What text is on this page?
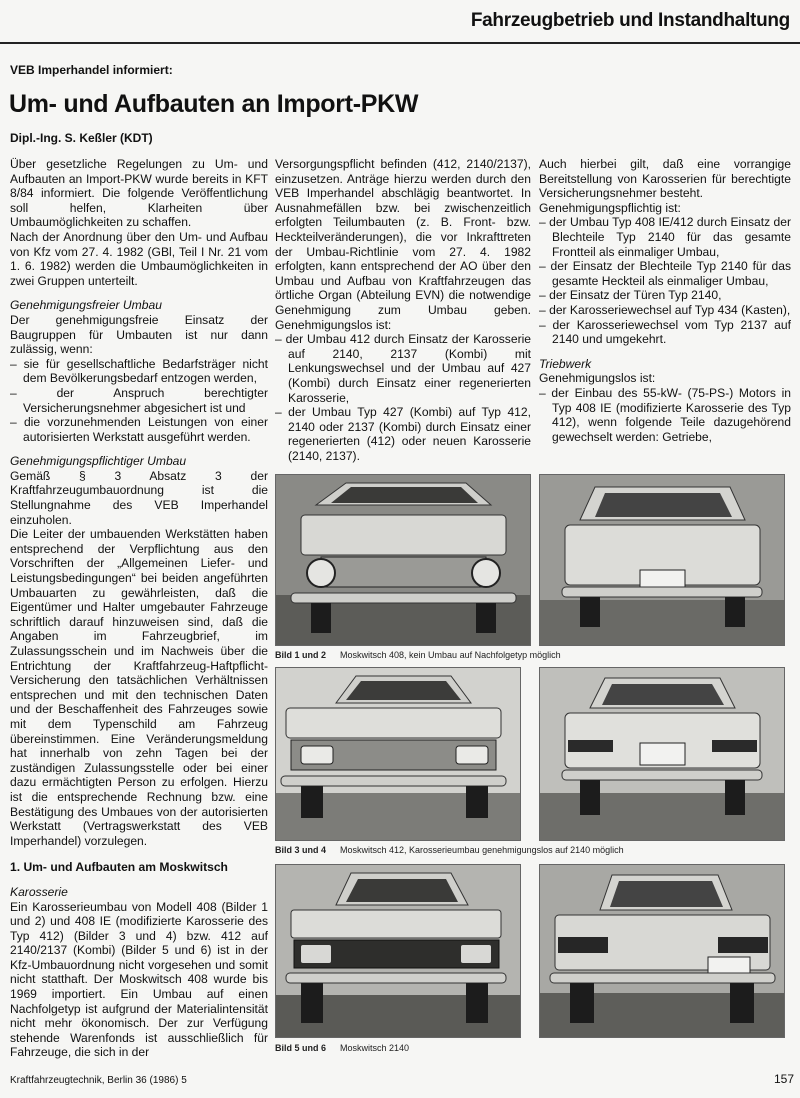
Fahrzeugbetrieb und Instandhaltung
VEB Imperhandel informiert:
Um- und Aufbauten an Import-PKW
Dipl.-Ing. S. Keßler (KDT)

Über gesetzliche Regelungen zu Um- und Aufbauten an Import-PKW wurde bereits in KFT 8/84 informiert. Die folgende Veröffentlichung soll helfen, Klarheiten über Umbaumöglichkeiten zu schaffen.

Nach der Anordnung über den Um- und Aufbau von Kfz vom 27. 4. 1982 (GBl, Teil I Nr. 21 vom 1. 6. 1982) werden die Umbaumöglichkeiten in zwei Gruppen unterteilt.

Genehmigungsfreier Umbau

Der genehmigungsfreie Einsatz der Baugruppen für Umbauten ist nur dann zulässig, wenn:

– sie für gesellschaftliche Bedarfsträger nicht dem Bevölkerungsbedarf entzogen werden,
– der Anspruch berechtigter Versicherungsnehmer abgesichert ist und
– die vorzunehmenden Leistungen von einer autorisierten Werkstatt ausgeführt werden.

Genehmigungspflichtiger Umbau

Gemäß § 3 Absatz 3 der Kraftfahrzeugumbauordnung ist die Stellungnahme des VEB Imperhandel einzuholen.

Die Leiter der umbauenden Werkstätten haben entsprechend der Verpflichtung aus den Vorschriften der „Allgemeinen Liefer- und Leistungsbedingungen“ bei beiden angeführten Umbauarten zu gewährleisten, daß die Eigentümer und Halter umgebauter Fahrzeuge schriftlich darauf hinzuweisen sind, daß die Angaben im Fahrzeugbrief, im Zulassungsschein und im Nachweis über die Entrichtung der Kraftfahrzeug-Haftpflicht-Versicherung den tatsächlichen Verhältnissen entsprechen und mit den technischen Daten und der Beschaffenheit des Fahrzeuges sowie mit dem Typenschild am Fahrzeug übereinstimmen. Eine Veränderungsmeldung hat innerhalb von zehn Tagen bei der zuständigen Zulassungsstelle oder bei einer dazu ermächtigten Person zu erfolgen. Hierzu ist die entsprechende Rechnung bzw. eine Bestätigung des Umbaues von der autorisierten Werkstatt (Vertragswerkstatt des VEB Imperhandel) vorzulegen.

1. Um- und Aufbauten am Moskwitsch

Karosserie

Ein Karosserieumbau von Modell 408 (Bilder 1 und 2) und 408 IE (modifizierte Karosserie des Typ 412) (Bilder 3 und 4) bzw. 412 auf 2140/2137 (Kombi) (Bilder 5 und 6) ist in der Kfz-Umbauordnung nicht vorgesehen und somit nicht statthaft. Der Moskwitsch 408 wurde bis 1969 importiert. Ein Umbau auf einen Nachfolgetyp ist aufgrund der Materialintensität nicht mehr ökonomisch. Der zur Verfügung stehende Warenfonds ist ausschließlich für Fahrzeuge, die sich in der

Versorgungspflicht befinden (412, 2140/2137), einzusetzen. Anträge hierzu werden durch den VEB Imperhandel abschlägig beantwortet. In Ausnahmefällen bzw. bei zwischenzeitlich erfolgten Teilumbauten (z. B. Front- bzw. Heckteilveränderungen), die vor Inkrafttreten der Umbau-Richtlinie vom 27. 4. 1982 erfolgten, kann entsprechend der AO über den Umbau und Aufbau von Kraftfahrzeugen das örtliche Organ (Abteilung EVN) die notwendige Genehmigung zum Umbau geben. Genehmigungslos ist:

– der Umbau 412 durch Einsatz der Karosserie auf 2140, 2137 (Kombi) mit Lenkungswechsel und der Umbau auf 427 (Kombi) durch Einsatz einer regenerierten Karosserie,
– der Umbau Typ 427 (Kombi) auf Typ 412, 2140 oder 2137 (Kombi) durch Einsatz einer regenerierten (412) oder neuen Karosserie (2140, 2137).

Auch hierbei gilt, daß eine vorrangige Bereitstellung von Karosserien für berechtigte Versicherungsnehmer besteht.

Genehmigungspflichtig ist:

– der Umbau Typ 408 IE/412 durch Einsatz der Blechteile Typ 2140 für das gesamte Frontteil als einmaliger Umbau,
– der Einsatz der Blechteile Typ 2140 für das gesamte Heckteil als einmaliger Umbau,
– der Einsatz der Türen Typ 2140,
– der Karosseriewechsel auf Typ 434 (Kasten),
– der Karosseriewechsel vom Typ 2137 auf 2140 und umgekehrt.

Triebwerk

Genehmigungslos ist:

– der Einbau des 55-kW- (75-PS-) Motors in Typ 408 IE (modifizierte Karosserie des Typ 412), wenn folgende Teile dazugehörend gewechselt werden: Getriebe,
Bild 1 und 2 Moskwitsch 408, kein Umbau auf Nachfolgetyp möglich
Bild 3 und 4 Moskwitsch 412, Karosserieumbau genehmigungslos auf 2140 möglich
Bild 5 und 6 Moskwitsch 2140
Kraftfahrzeugtechnik, Berlin 36 (1986) 5	157
